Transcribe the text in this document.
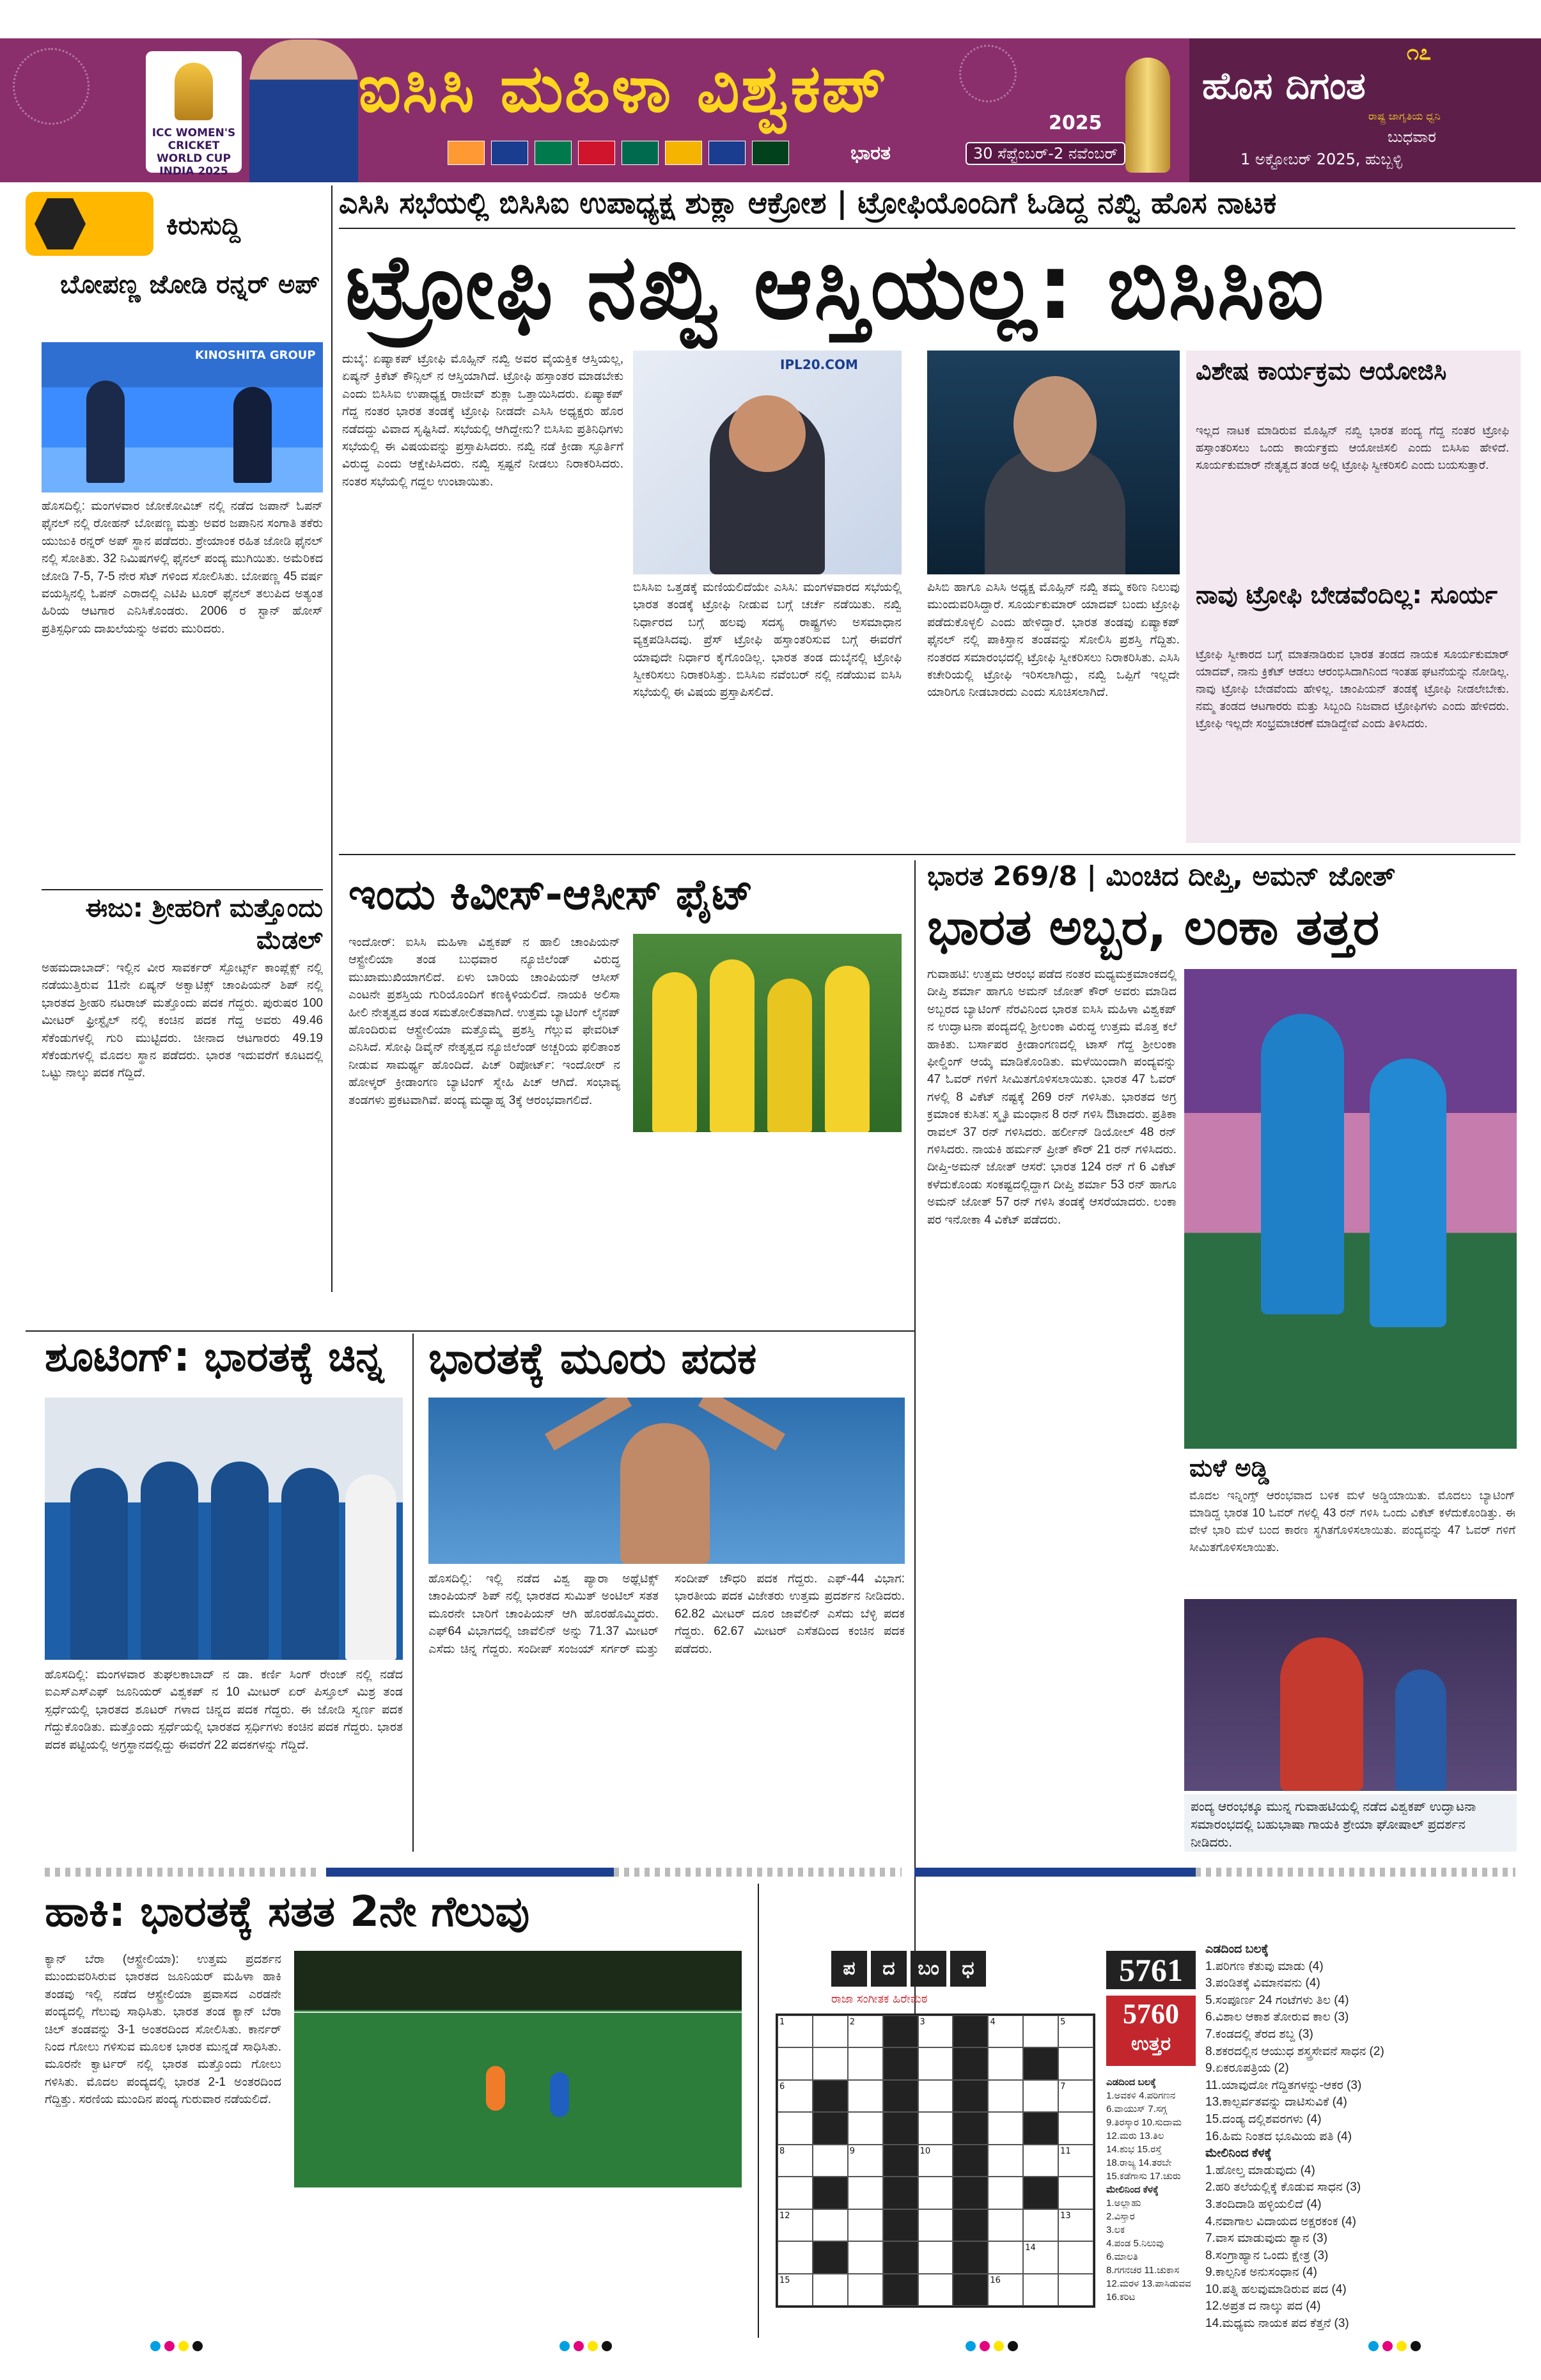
ICC WOMEN'S CRICKET WORLD CUP INDIA 2025
ಐಸಿಸಿ ಮಹಿಳಾ ವಿಶ್ವಕಪ್	2025
ಭಾರತ	30 ಸೆಪ್ಟೆಂಬರ್-2 ನವೆಂಬರ್
೧೭
ಹೊಸ ದಿಗಂತ
ರಾಷ್ಟ್ರ ಜಾಗೃತಿಯ ಧ್ವನಿ
ಬುಧವಾರ
1 ಅಕ್ಟೋಬರ್ 2025, ಹುಬ್ಬಳ್ಳಿ
ಕಿರುಸುದ್ದಿ
ಬೋಪಣ್ಣ ಜೋಡಿ ರನ್ನರ್ ಅಪ್
KINOSHITA GROUP
ಹೊಸದಿಲ್ಲಿ: ಮಂಗಳವಾರ ಜೋಕೋವಿಚ್ ನಲ್ಲಿ ನಡೆದ ಜಪಾನ್ ಓಪನ್ ಫೈನಲ್ ನಲ್ಲಿ ರೋಹನ್ ಬೋಪಣ್ಣ ಮತ್ತು ಅವರ ಜಪಾನಿನ ಸಂಗಾತಿ ತಕೆರು ಯುಜುಕಿ ರನ್ನರ್ ಅಪ್ ಸ್ಥಾನ ಪಡೆದರು. ಶ್ರೇಯಾಂಕ ರಹಿತ ಜೋಡಿ ಫೈನಲ್ ನಲ್ಲಿ ಸೋತಿತು. 32 ನಿಮಿಷಗಳಲ್ಲಿ ಫೈನಲ್ ಪಂದ್ಯ ಮುಗಿಯಿತು. ಅಮೆರಿಕದ ಜೋಡಿ 7-5, 7-5 ನೇರ ಸೆಟ್ ಗಳಿಂದ ಸೋಲಿಸಿತು. ಬೋಪಣ್ಣ 45 ವರ್ಷ ವಯಸ್ಸಿನಲ್ಲಿ ಓಪನ್ ಎರಾದಲ್ಲಿ ಎಟಿಪಿ ಟೂರ್ ಫೈನಲ್ ತಲುಪಿದ ಅತ್ಯಂತ ಹಿರಿಯ ಆಟಗಾರ ಎನಿಸಿಕೊಂಡರು. 2006 ರ ಸ್ಟಾನ್ ಹೋಸ್ ಪ್ರತಿಸ್ಪರ್ಧಿಯ ದಾಖಲೆಯನ್ನು ಅವರು ಮುರಿದರು.
ಈಜು: ಶ್ರೀಹರಿಗೆ ಮತ್ತೊಂದು ಮೆಡಲ್
ಅಹಮದಾಬಾದ್: ಇಲ್ಲಿನ ವೀರ ಸಾವರ್ಕರ್ ಸ್ಪೋರ್ಟ್ಸ್ ಕಾಂಪ್ಲೆಕ್ಸ್ ನಲ್ಲಿ ನಡೆಯುತ್ತಿರುವ 11ನೇ ಏಷ್ಯನ್ ಅಕ್ವಾಟಿಕ್ಸ್ ಚಾಂಪಿಯನ್ ಶಿಪ್ ನಲ್ಲಿ ಭಾರತದ ಶ್ರೀಹರಿ ನಟರಾಜ್ ಮತ್ತೊಂದು ಪದಕ ಗೆದ್ದರು. ಪುರುಷರ 100 ಮೀಟರ್ ಫ್ರೀಸ್ಟೈಲ್ ನಲ್ಲಿ ಕಂಚಿನ ಪದಕ ಗೆದ್ದ ಅವರು 49.46 ಸೆಕೆಂಡುಗಳಲ್ಲಿ ಗುರಿ ಮುಟ್ಟಿದರು. ಚೀನಾದ ಆಟಗಾರರು 49.19 ಸೆಕೆಂಡುಗಳಲ್ಲಿ ಮೊದಲ ಸ್ಥಾನ ಪಡೆದರು. ಭಾರತ ಇದುವರೆಗೆ ಕೂಟದಲ್ಲಿ ಒಟ್ಟು ನಾಲ್ಕು ಪದಕ ಗೆದ್ದಿದೆ.
ಎಸಿಸಿ ಸಭೆಯಲ್ಲಿ ಬಿಸಿಸಿಐ ಉಪಾಧ್ಯಕ್ಷ ಶುಕ್ಲಾ ಆಕ್ರೋಶ | ಟ್ರೋಫಿಯೊಂದಿಗೆ ಓಡಿದ್ದ ನಖ್ವಿ ಹೊಸ ನಾಟಕ
ಟ್ರೋಫಿ ನಖ್ವಿ ಆಸ್ತಿಯಲ್ಲ: ಬಿಸಿಸಿಐ
ದುಬೈ: ಏಷ್ಯಾಕಪ್ ಟ್ರೋಫಿ ಮೊಹ್ಸಿನ್ ನಖ್ವಿ ಅವರ ವೈಯಕ್ತಿಕ ಆಸ್ತಿಯಲ್ಲ, ಏಷ್ಯನ್ ಕ್ರಿಕೆಟ್ ಕೌನ್ಸಿಲ್ ನ ಆಸ್ತಿಯಾಗಿದೆ. ಟ್ರೋಫಿ ಹಸ್ತಾಂತರ ಮಾಡಬೇಕು ಎಂದು ಬಿಸಿಸಿಐ ಉಪಾಧ್ಯಕ್ಷ ರಾಜೀವ್ ಶುಕ್ಲಾ ಒತ್ತಾಯಿಸಿದರು. ಏಷ್ಯಾಕಪ್ ಗೆದ್ದ ನಂತರ ಭಾರತ ತಂಡಕ್ಕೆ ಟ್ರೋಫಿ ನೀಡದೇ ಎಸಿಸಿ ಅಧ್ಯಕ್ಷರು ಹೊರ ನಡೆದದ್ದು ವಿವಾದ ಸೃಷ್ಟಿಸಿದೆ. ಸಭೆಯಲ್ಲಿ ಆಗಿದ್ದೇನು? ಬಿಸಿಸಿಐ ಪ್ರತಿನಿಧಿಗಳು ಸಭೆಯಲ್ಲಿ ಈ ವಿಷಯವನ್ನು ಪ್ರಸ್ತಾಪಿಸಿದರು. ನಖ್ವಿ ನಡೆ ಕ್ರೀಡಾ ಸ್ಫೂರ್ತಿಗೆ ವಿರುದ್ಧ ಎಂದು ಆಕ್ಷೇಪಿಸಿದರು. ನಖ್ವಿ ಸ್ಪಷ್ಟನೆ ನೀಡಲು ನಿರಾಕರಿಸಿದರು. ನಂತರ ಸಭೆಯಲ್ಲಿ ಗದ್ದಲ ಉಂಟಾಯಿತು.
IPL20.COM
ಬಿಸಿಸಿಐ ಒತ್ತಡಕ್ಕೆ ಮಣಿಯಲಿದೆಯೇ ಎಸಿಸಿ: ಮಂಗಳವಾರದ ಸಭೆಯಲ್ಲಿ ಭಾರತ ತಂಡಕ್ಕೆ ಟ್ರೋಫಿ ನೀಡುವ ಬಗ್ಗೆ ಚರ್ಚೆ ನಡೆಯಿತು. ನಖ್ವಿ ನಿರ್ಧಾರದ ಬಗ್ಗೆ ಹಲವು ಸದಸ್ಯ ರಾಷ್ಟ್ರಗಳು ಅಸಮಾಧಾನ ವ್ಯಕ್ತಪಡಿಸಿದವು. ಪ್ರೆಸ್ ಟ್ರೋಫಿ ಹಸ್ತಾಂತರಿಸುವ ಬಗ್ಗೆ ಈವರೆಗೆ ಯಾವುದೇ ನಿರ್ಧಾರ ಕೈಗೊಂಡಿಲ್ಲ. ಭಾರತ ತಂಡ ದುಬೈನಲ್ಲಿ ಟ್ರೋಫಿ ಸ್ವೀಕರಿಸಲು ನಿರಾಕರಿಸಿತ್ತು. ಬಿಸಿಸಿಐ ನವೆಂಬರ್ ನಲ್ಲಿ ನಡೆಯುವ ಐಸಿಸಿ ಸಭೆಯಲ್ಲಿ ಈ ವಿಷಯ ಪ್ರಸ್ತಾಪಿಸಲಿದೆ.
ಪಿಸಿಬಿ ಹಾಗೂ ಎಸಿಸಿ ಅಧ್ಯಕ್ಷ ಮೊಹ್ಸಿನ್ ನಖ್ವಿ ತಮ್ಮ ಕಠಿಣ ನಿಲುವು ಮುಂದುವರಿಸಿದ್ದಾರೆ. ಸೂರ್ಯಕುಮಾರ್ ಯಾದವ್ ಬಂದು ಟ್ರೋಫಿ ಪಡೆದುಕೊಳ್ಳಲಿ ಎಂದು ಹೇಳಿದ್ದಾರೆ. ಭಾರತ ತಂಡವು ಏಷ್ಯಾಕಪ್ ಫೈನಲ್ ನಲ್ಲಿ ಪಾಕಿಸ್ತಾನ ತಂಡವನ್ನು ಸೋಲಿಸಿ ಪ್ರಶಸ್ತಿ ಗೆದ್ದಿತು. ನಂತರದ ಸಮಾರಂಭದಲ್ಲಿ ಟ್ರೋಫಿ ಸ್ವೀಕರಿಸಲು ನಿರಾಕರಿಸಿತು. ಎಸಿಸಿ ಕಚೇರಿಯಲ್ಲಿ ಟ್ರೋಫಿ ಇರಿಸಲಾಗಿದ್ದು, ನಖ್ವಿ ಒಪ್ಪಿಗೆ ಇಲ್ಲದೇ ಯಾರಿಗೂ ನೀಡಬಾರದು ಎಂದು ಸೂಚಿಸಲಾಗಿದೆ.
ವಿಶೇಷ ಕಾರ್ಯಕ್ರಮ ಆಯೋಜಿಸಿ
ಇಲ್ಲದ ನಾಟಕ ಮಾಡಿರುವ ಮೊಹ್ಸಿನ್ ನಖ್ವಿ ಭಾರತ ಪಂದ್ಯ ಗೆದ್ದ ನಂತರ ಟ್ರೋಫಿ ಹಸ್ತಾಂತರಿಸಲು ಒಂದು ಕಾರ್ಯಕ್ರಮ ಆಯೋಜಿಸಲಿ ಎಂದು ಬಿಸಿಸಿಐ ಹೇಳಿದೆ. ಸೂರ್ಯಕುಮಾರ್ ನೇತೃತ್ವದ ತಂಡ ಅಲ್ಲಿ ಟ್ರೋಫಿ ಸ್ವೀಕರಿಸಲಿ ಎಂದು ಬಯಸುತ್ತಾರೆ.
ನಾವು ಟ್ರೋಫಿ ಬೇಡವೆಂದಿಲ್ಲ: ಸೂರ್ಯ
ಟ್ರೋಫಿ ಸ್ವೀಕಾರದ ಬಗ್ಗೆ ಮಾತನಾಡಿರುವ ಭಾರತ ತಂಡದ ನಾಯಕ ಸೂರ್ಯಕುಮಾರ್ ಯಾದವ್, ನಾನು ಕ್ರಿಕೆಟ್ ಆಡಲು ಆರಂಭಿಸಿದಾಗಿನಿಂದ ಇಂತಹ ಘಟನೆಯನ್ನು ನೋಡಿಲ್ಲ. ನಾವು ಟ್ರೋಫಿ ಬೇಡವೆಂದು ಹೇಳಿಲ್ಲ. ಚಾಂಪಿಯನ್ ತಂಡಕ್ಕೆ ಟ್ರೋಫಿ ನೀಡಲೇಬೇಕು. ನಮ್ಮ ತಂಡದ ಆಟಗಾರರು ಮತ್ತು ಸಿಬ್ಬಂದಿ ನಿಜವಾದ ಟ್ರೋಫಿಗಳು ಎಂದು ಹೇಳಿದರು. ಟ್ರೋಫಿ ಇಲ್ಲದೇ ಸಂಭ್ರಮಾಚರಣೆ ಮಾಡಿದ್ದೇವೆ ಎಂದು ತಿಳಿಸಿದರು.
ಇಂದು ಕಿವೀಸ್-ಆಸೀಸ್ ಫೈಟ್
ಇಂದೋರ್: ಐಸಿಸಿ ಮಹಿಳಾ ವಿಶ್ವಕಪ್ ನ ಹಾಲಿ ಚಾಂಪಿಯನ್ ಆಸ್ಟ್ರೇಲಿಯಾ ತಂಡ ಬುಧವಾರ ನ್ಯೂಜಿಲೆಂಡ್ ವಿರುದ್ಧ ಮುಖಾಮುಖಿಯಾಗಲಿದೆ. ಏಳು ಬಾರಿಯ ಚಾಂಪಿಯನ್ ಆಸೀಸ್ ಎಂಟನೇ ಪ್ರಶಸ್ತಿಯ ಗುರಿಯೊಂದಿಗೆ ಕಣಕ್ಕಿಳಿಯಲಿದೆ. ನಾಯಕಿ ಅಲಿಸಾ ಹೀಲಿ ನೇತೃತ್ವದ ತಂಡ ಸಮತೋಲಿತವಾಗಿದೆ. ಉತ್ತಮ ಬ್ಯಾಟಿಂಗ್ ಲೈನಪ್ ಹೊಂದಿರುವ ಆಸ್ಟ್ರೇಲಿಯಾ ಮತ್ತೊಮ್ಮೆ ಪ್ರಶಸ್ತಿ ಗೆಲ್ಲುವ ಫೇವರಿಟ್ ಎನಿಸಿದೆ. ಸೋಫಿ ಡಿವೈನ್ ನೇತೃತ್ವದ ನ್ಯೂಜಿಲೆಂಡ್ ಅಚ್ಚರಿಯ ಫಲಿತಾಂಶ ನೀಡುವ ಸಾಮರ್ಥ್ಯ ಹೊಂದಿದೆ. ಪಿಚ್ ರಿಪೋರ್ಟ್: ಇಂದೋರ್ ನ ಹೋಳ್ಕರ್ ಕ್ರೀಡಾಂಗಣ ಬ್ಯಾಟಿಂಗ್ ಸ್ನೇಹಿ ಪಿಚ್ ಆಗಿದೆ. ಸಂಭಾವ್ಯ ತಂಡಗಳು ಪ್ರಕಟವಾಗಿವೆ. ಪಂದ್ಯ ಮಧ್ಯಾಹ್ನ 3ಕ್ಕೆ ಆರಂಭವಾಗಲಿದೆ.
ಭಾರತ 269/8 | ಮಿಂಚಿದ ದೀಪ್ತಿ, ಅಮನ್ ಜೋತ್
ಭಾರತ ಅಬ್ಬರ, ಲಂಕಾ ತತ್ತರ
ಗುವಾಹಟಿ: ಉತ್ತಮ ಆರಂಭ ಪಡೆದ ನಂತರ ಮಧ್ಯಮಕ್ರಮಾಂಕದಲ್ಲಿ ದೀಪ್ತಿ ಶರ್ಮಾ ಹಾಗೂ ಅಮನ್ ಜೋತ್ ಕೌರ್ ಅವರು ಮಾಡಿದ ಅಬ್ಬರದ ಬ್ಯಾಟಿಂಗ್ ನೆರವಿನಿಂದ ಭಾರತ ಐಸಿಸಿ ಮಹಿಳಾ ವಿಶ್ವಕಪ್ ನ ಉದ್ಘಾಟನಾ ಪಂದ್ಯದಲ್ಲಿ ಶ್ರೀಲಂಕಾ ವಿರುದ್ಧ ಉತ್ತಮ ಮೊತ್ತ ಕಲೆ ಹಾಕಿತು. ಬರ್ಸಾಪರ ಕ್ರೀಡಾಂಗಣದಲ್ಲಿ ಟಾಸ್ ಗೆದ್ದ ಶ್ರೀಲಂಕಾ ಫೀಲ್ಡಿಂಗ್ ಆಯ್ಕೆ ಮಾಡಿಕೊಂಡಿತು. ಮಳೆಯಿಂದಾಗಿ ಪಂದ್ಯವನ್ನು 47 ಓವರ್ ಗಳಿಗೆ ಸೀಮಿತಗೊಳಿಸಲಾಯಿತು. ಭಾರತ 47 ಓವರ್ ಗಳಲ್ಲಿ 8 ವಿಕೆಟ್ ನಷ್ಟಕ್ಕೆ 269 ರನ್ ಗಳಿಸಿತು. ಭಾರತದ ಅಗ್ರ ಕ್ರಮಾಂಕ ಕುಸಿತ: ಸ್ಮೃತಿ ಮಂಧಾನ 8 ರನ್ ಗಳಿಸಿ ಔಟಾದರು. ಪ್ರತಿಕಾ ರಾವಲ್ 37 ರನ್ ಗಳಿಸಿದರು. ಹರ್ಲೀನ್ ಡಿಯೋಲ್ 48 ರನ್ ಗಳಿಸಿದರು. ನಾಯಕಿ ಹರ್ಮನ್ ಪ್ರೀತ್ ಕೌರ್ 21 ರನ್ ಗಳಿಸಿದರು. ದೀಪ್ತಿ-ಅಮನ್ ಜೋತ್ ಆಸರೆ: ಭಾರತ 124 ರನ್ ಗೆ 6 ವಿಕೆಟ್ ಕಳೆದುಕೊಂಡು ಸಂಕಷ್ಟದಲ್ಲಿದ್ದಾಗ ದೀಪ್ತಿ ಶರ್ಮಾ 53 ರನ್ ಹಾಗೂ ಅಮನ್ ಜೋತ್ 57 ರನ್ ಗಳಿಸಿ ತಂಡಕ್ಕೆ ಆಸರೆಯಾದರು. ಲಂಕಾ ಪರ ಇನೋಕಾ 4 ವಿಕೆಟ್ ಪಡೆದರು.
ಮಳೆ ಅಡ್ಡಿ
ಮೊದಲ ಇನ್ನಿಂಗ್ಸ್ ಆರಂಭವಾದ ಬಳಿಕ ಮಳೆ ಅಡ್ಡಿಯಾಯಿತು. ಮೊದಲು ಬ್ಯಾಟಿಂಗ್ ಮಾಡಿದ್ದ ಭಾರತ 10 ಓವರ್ ಗಳಲ್ಲಿ 43 ರನ್ ಗಳಿಸಿ ಒಂದು ವಿಕೆಟ್ ಕಳೆದುಕೊಂಡಿತ್ತು. ಈ ವೇಳೆ ಭಾರಿ ಮಳೆ ಬಂದ ಕಾರಣ ಸ್ಥಗಿತಗೊಳಿಸಲಾಯಿತು. ಪಂದ್ಯವನ್ನು 47 ಓವರ್ ಗಳಿಗೆ ಸೀಮಿತಗೊಳಿಸಲಾಯಿತು.
ಪಂದ್ಯ ಆರಂಭಕ್ಕೂ ಮುನ್ನ ಗುವಾಹಟಿಯಲ್ಲಿ ನಡೆದ ವಿಶ್ವಕಪ್ ಉದ್ಘಾಟನಾ ಸಮಾರಂಭದಲ್ಲಿ ಬಹುಭಾಷಾ ಗಾಯಕಿ ಶ್ರೇಯಾ ಘೋಷಾಲ್ ಪ್ರದರ್ಶನ ನೀಡಿದರು.
ಶೂಟಿಂಗ್: ಭಾರತಕ್ಕೆ ಚಿನ್ನ
ಹೊಸದಿಲ್ಲಿ: ಮಂಗಳವಾರ ತುಘಲಕಾಬಾದ್ ನ ಡಾ. ಕರ್ಣಿ ಸಿಂಗ್ ರೇಂಜ್ ನಲ್ಲಿ ನಡೆದ ಐಎಸ್ಎಸ್ಎಫ್ ಜೂನಿಯರ್ ವಿಶ್ವಕಪ್ ನ 10 ಮೀಟರ್ ಏರ್ ಪಿಸ್ತೂಲ್ ಮಿಶ್ರ ತಂಡ ಸ್ಪರ್ಧೆಯಲ್ಲಿ ಭಾರತದ ಶೂಟರ್ ಗಳಾದ ಚಿನ್ನದ ಪದಕ ಗೆದ್ದರು. ಈ ಜೋಡಿ ಸ್ವರ್ಣ ಪದಕ ಗೆದ್ದುಕೊಂಡಿತು. ಮತ್ತೊಂದು ಸ್ಪರ್ಧೆಯಲ್ಲಿ ಭಾರತದ ಸ್ಪರ್ಧಿಗಳು ಕಂಚಿನ ಪದಕ ಗೆದ್ದರು. ಭಾರತ ಪದಕ ಪಟ್ಟಿಯಲ್ಲಿ ಅಗ್ರಸ್ಥಾನದಲ್ಲಿದ್ದು ಈವರೆಗೆ 22 ಪದಕಗಳನ್ನು ಗೆದ್ದಿದೆ.
ಭಾರತಕ್ಕೆ ಮೂರು ಪದಕ
ಹೊಸದಿಲ್ಲಿ: ಇಲ್ಲಿ ನಡೆದ ವಿಶ್ವ ಪ್ಯಾರಾ ಅಥ್ಲೆಟಿಕ್ಸ್ ಚಾಂಪಿಯನ್ ಶಿಪ್ ನಲ್ಲಿ ಭಾರತದ ಸುಮಿತ್ ಅಂಟಿಲ್ ಸತತ ಮೂರನೇ ಬಾರಿಗೆ ಚಾಂಪಿಯನ್ ಆಗಿ ಹೊರಹೊಮ್ಮಿದರು. ಎಫ್64 ವಿಭಾಗದಲ್ಲಿ ಜಾವೆಲಿನ್ ಅನ್ನು 71.37 ಮೀಟರ್ ಎಸೆದು ಚಿನ್ನ ಗೆದ್ದರು. ಸಂದೀಪ್ ಸಂಜಯ್ ಸರ್ಗರ್ ಮತ್ತು ಸಂದೀಪ್ ಚೌಧರಿ ಪದಕ ಗೆದ್ದರು. ಎಫ್-44 ವಿಭಾಗ: ಭಾರತೀಯ ಪದಕ ವಿಜೇತರು ಉತ್ತಮ ಪ್ರದರ್ಶನ ನೀಡಿದರು. 62.82 ಮೀಟರ್ ದೂರ ಜಾವೆಲಿನ್ ಎಸೆದು ಬೆಳ್ಳಿ ಪದಕ ಗೆದ್ದರು. 62.67 ಮೀಟರ್ ಎಸೆತದಿಂದ ಕಂಚಿನ ಪದಕ ಪಡೆದರು.
ಹಾಕಿ: ಭಾರತಕ್ಕೆ ಸತತ 2ನೇ ಗೆಲುವು
ಕ್ಯಾನ್ ಬೆರಾ (ಆಸ್ಟ್ರೇಲಿಯಾ): ಉತ್ತಮ ಪ್ರದರ್ಶನ ಮುಂದುವರಿಸಿರುವ ಭಾರತದ ಜೂನಿಯರ್ ಮಹಿಳಾ ಹಾಕಿ ತಂಡವು ಇಲ್ಲಿ ನಡೆದ ಆಸ್ಟ್ರೇಲಿಯಾ ಪ್ರವಾಸದ ಎರಡನೇ ಪಂದ್ಯದಲ್ಲಿ ಗೆಲುವು ಸಾಧಿಸಿತು. ಭಾರತ ತಂಡ ಕ್ಯಾನ್ ಬೆರಾ ಚಿಲ್ ತಂಡವನ್ನು 3-1 ಅಂತರದಿಂದ ಸೋಲಿಸಿತು. ಕಾರ್ನರ್ ನಿಂದ ಗೋಲು ಗಳಿಸುವ ಮೂಲಕ ಭಾರತ ಮುನ್ನಡೆ ಸಾಧಿಸಿತು. ಮೂರನೇ ಕ್ವಾರ್ಟರ್ ನಲ್ಲಿ ಭಾರತ ಮತ್ತೊಂದು ಗೋಲು ಗಳಿಸಿತು. ಮೊದಲ ಪಂದ್ಯದಲ್ಲಿ ಭಾರತ 2-1 ಅಂತರದಿಂದ ಗೆದ್ದಿತ್ತು. ಸರಣಿಯ ಮುಂದಿನ ಪಂದ್ಯ ಗುರುವಾರ ನಡೆಯಲಿದೆ.
ಪ	ದ	ಬಂ	ಧ
ರಾಜಾ ಸಂಗೀತಕ ಹಿರೇಮಠ
1	2	3	4	5
6	7
8	9	10	11
12	13
14
15	16
5761
5760
ಉತ್ತರ
ಎಡದಿಂದ ಬಲಕ್ಕೆ
1.ಅವಕಳಿ 4.ಪರಿಗಣನ
6.ವಾಯುಸ್ 7.ಸಗ್ಗ
9.ತಿರಸ್ಕಾರ 10.ಸುದಾಮ
12.ಮರು 13.ತಿಲ
14.ಶುಭ 15.ರಸ್ತೆ
18.ರಾಜ್ಯ 14.ತರಬೇ
15.ಕಡೆಗಾಸು 17.ಚುರು
ಮೇಲಿನಿಂದ ಕೆಳಕ್ಕೆ
1.ಅಲ್ಲಾಹು
2.ವಿಸ್ತಾರ
3.ಲಕ
4.ಪಂಡ 5.ನಿಲುವು
6.ಮಾಲತಿ
8.ಗಗನಚರ 11.ಚುಕಾಸ
12.ಮರಳ 13.ಪಾಸಿಡುವವ
16.ಕರಿಟ
ಎಡದಿಂದ ಬಲಕ್ಕೆ
1.ಪರಿಗಣ ಕೆತುವು ಮಾಡು (4)
3.ಪಂಡಿತಕ್ಕೆ ವಿಮಾನವನು (4)
5.ಸಂಪೂರ್ಣ 24 ಗಂಟೆಗಳು ತಿಲ (4)
6.ವಿಶಾಲ ಆಕಾಶ ತೋರುವ ಕಾಲ (3)
7.ಕಂಡದಲ್ಲಿ ತೆರದ ಶಬ್ದ (3)
8.ಶಕರದಲ್ಲಿನ ಆಯುಧ ಶಸ್ತ್ರಸೇವನೆ ಸಾಧನ (2)
9.ಏಕರೂಪತ್ರಿಯ (2)
11.ಯಾವುದೋ ಗೆದ್ದಿತಗಳನ್ನು-ಆಕರ (3)
13.ಕಾಲ್ಪರ್ವತವನ್ನು ದಾಟಿಸುವಿಕೆ (4)
15.ದಂಡ್ಯ ದಲ್ಲಿಶವರಗಳು (4)
16.ಹಿಮ ನಿಂತದ ಭೂಮಿಯ ಪತಿ (4)
ಮೇಲಿನಿಂದ ಕೆಳಕ್ಕೆ
1.ಹೋಲ್ತ ಮಾಡುವುದು (4)
2.ಹರಿ ತಲೆಯಲ್ಲಿಕ್ಕೆ ಕೊಡುವ ಸಾಧನ (3)
3.ತಂದಿದಾಡಿ ಹಳ್ಳಿಯಲಿದೆ (4)
4.ನವಾಗಾಲ ವಿದಾಯದ ಅಕ್ಷರಕಂಕ (4)
7.ವಾಸ ಮಾಡುವುದು ಶ್ಯಾನ (3)
8.ಸಂಗ್ರಾಹ್ಯಾನ ಒಂದು ಕ್ಷೇತ್ರ (3)
9.ಕಾಲ್ಪನಿಕ ಅನುಸಂಧಾನ (4)
10.ಪತ್ನಿ ಹಲವುಮಾಡಿರುವ ಪದ (4)
12.ಅಪ್ರತ ದ ನಾಲ್ಕು ಪದ (4)
14.ಮಧ್ಯಮ ನಾಯಕ ಪದ ಕೆತ್ತನೆ (3)
